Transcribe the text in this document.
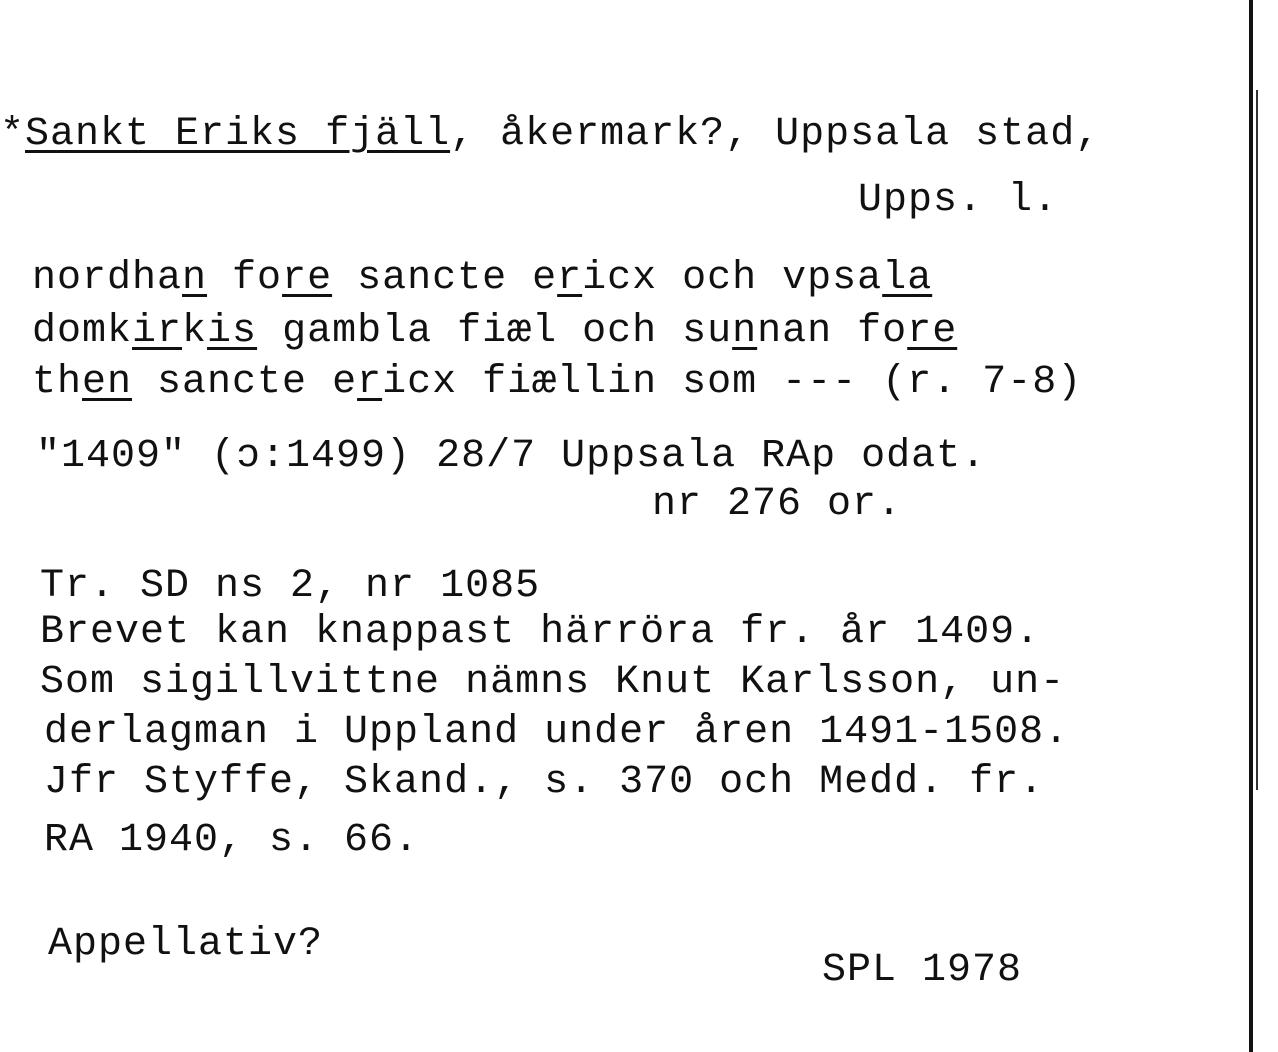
*Sankt Eriks fjäll, åkermark?, Uppsala stad,
Upps. l.
nordhan fore sancte ericx och vpsala
domkirkis gambla fiæl och sunnan fore
then sancte ericx fiællin som --- (r. 7-8)
"1409" (ɔ:1499) 28/7 Uppsala RAp odat.
nr 276 or.
Tr. SD ns 2, nr 1085
Brevet kan knappast härröra fr. år 1409.
Som sigillvittne nämns Knut Karlsson, un-
derlagman i Uppland under åren 1491-1508.
Jfr Styffe, Skand., s. 370 och Medd. fr.
RA 1940, s. 66.
Appellativ?
SPL 1978
